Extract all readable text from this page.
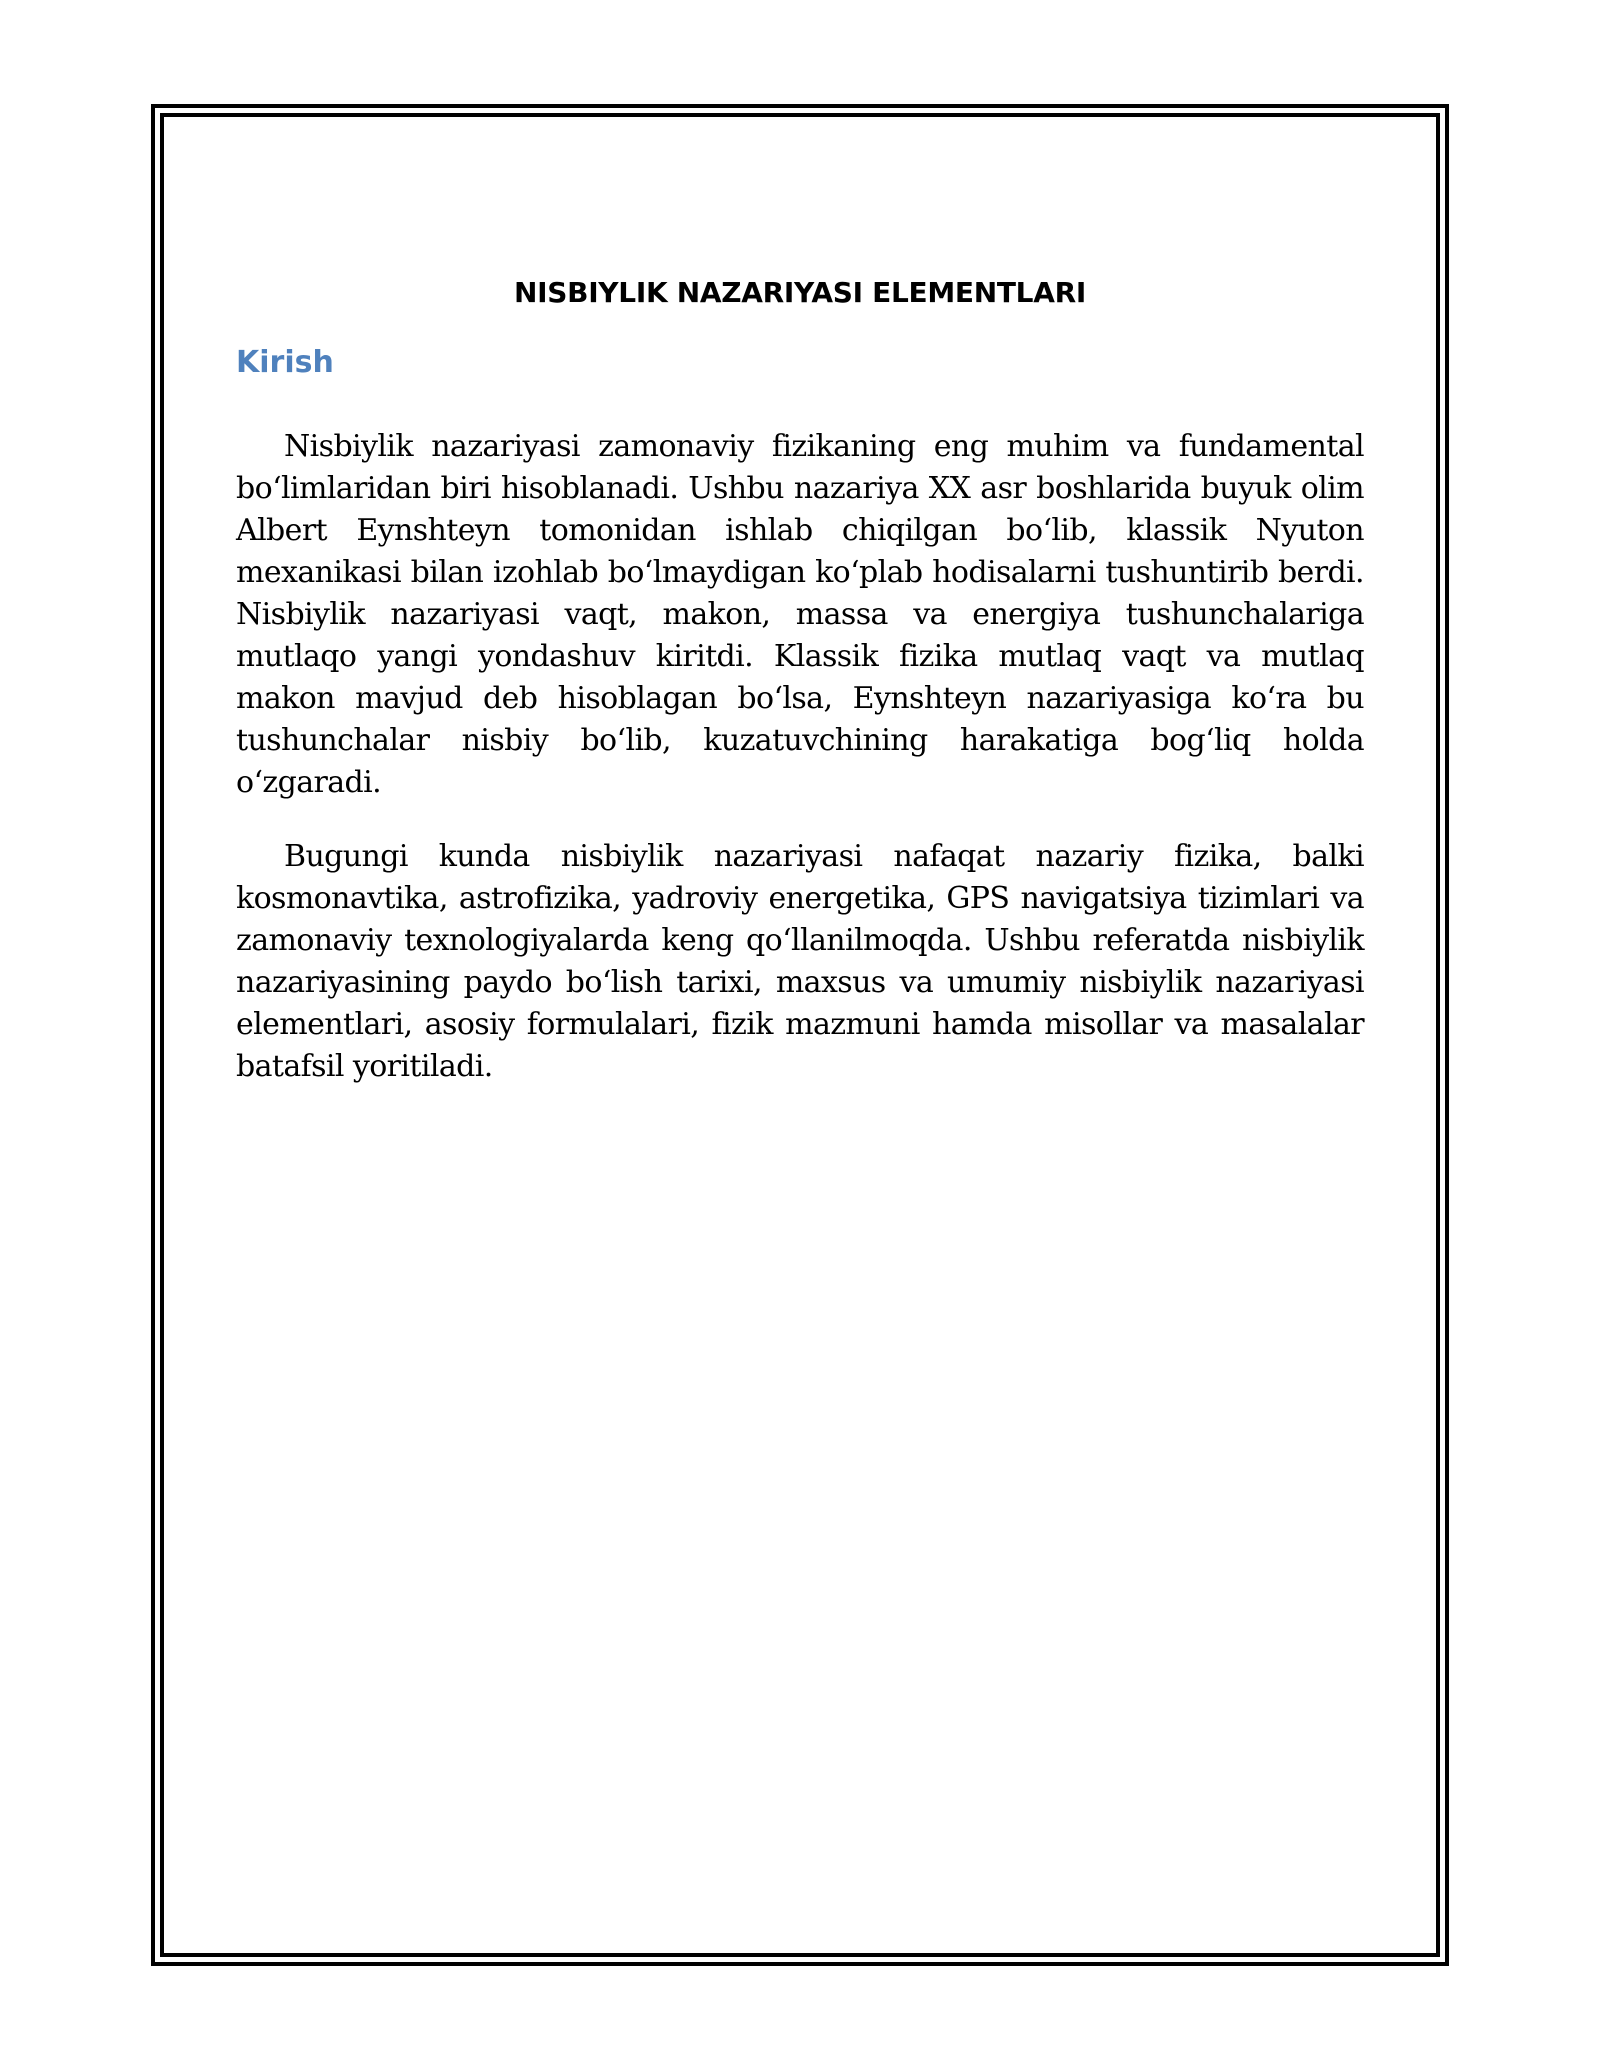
NISBIYLIK NAZARIYASI ELEMENTLARI
Kirish

Nisbiylik nazariyasi zamonaviy fizikaning eng muhim va fundamental bo‘limlaridan biri hisoblanadi. Ushbu nazariya XX asr boshlarida buyuk olim Albert Eynshteyn tomonidan ishlab chiqilgan bo‘lib, klassik Nyuton mexanikasi bilan izohlab bo‘lmaydigan ko‘plab hodisalarni tushuntirib berdi. Nisbiylik nazariyasi vaqt, makon, massa va energiya tushunchalariga mutlaqo yangi yondashuv kiritdi. Klassik fizika mutlaq vaqt va mutlaq makon mavjud deb hisoblagan bo‘lsa, Eynshteyn nazariyasiga ko‘ra bu tushunchalar nisbiy bo‘lib, kuzatuvchining harakatiga bog‘liq holda o‘zgaradi.

Bugungi kunda nisbiylik nazariyasi nafaqat nazariy fizika, balki kosmonavtika, astrofizika, yadroviy energetika, GPS navigatsiya tizimlari va zamonaviy texnologiyalarda keng qo‘llanilmoqda. Ushbu referatda nisbiylik nazariyasining paydo bo‘lish tarixi, maxsus va umumiy nisbiylik nazariyasi elementlari, asosiy formulalari, fizik mazmuni hamda misollar va masalalar batafsil yoritiladi.
